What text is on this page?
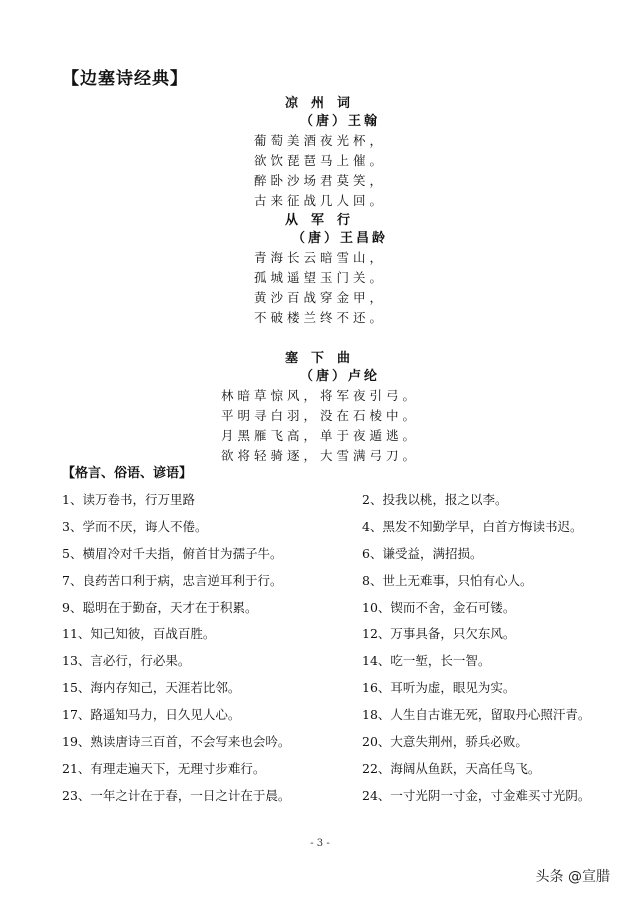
【边塞诗经典】
凉州词
（唐）王翰
葡萄美酒夜光杯，
欲饮琵琶马上催。
醉卧沙场君莫笑，
古来征战几人回。
从军行
（唐）王昌龄
青海长云暗雪山，
孤城遥望玉门关。
黄沙百战穿金甲，
不破楼兰终不还。
塞下曲
（唐）卢纶
林暗草惊风，将军夜引弓。
平明寻白羽，没在石棱中。
月黑雁飞高，单于夜遁逃。
欲将轻骑逐，大雪满弓刀。
【格言、俗语、谚语】
1、读万卷书，行万里路	2、投我以桃，报之以李。
3、学而不厌，诲人不倦。	4、黑发不知勤学早，白首方悔读书迟。
5、横眉冷对千夫指，俯首甘为孺子牛。	6、谦受益，满招损。
7、良药苦口利于病，忠言逆耳利于行。	8、世上无难事，只怕有心人。
9、聪明在于勤奋，天才在于积累。	10、锲而不舍，金石可镂。
11、知己知彼，百战百胜。	12、万事具备，只欠东风。
13、言必行，行必果。	14、吃一堑，长一智。
15、海内存知己，天涯若比邻。	16、耳听为虚，眼见为实。
17、路遥知马力，日久见人心。	18、人生自古谁无死，留取丹心照汗青。
19、熟读唐诗三百首，不会写来也会吟。	20、大意失荆州，骄兵必败。
21、有理走遍天下，无理寸步难行。	22、海阔从鱼跃，天高任鸟飞。
23、一年之计在于春，一日之计在于晨。	24、一寸光阴一寸金，寸金难买寸光阴。
- 3 -
头条 @宣腊
